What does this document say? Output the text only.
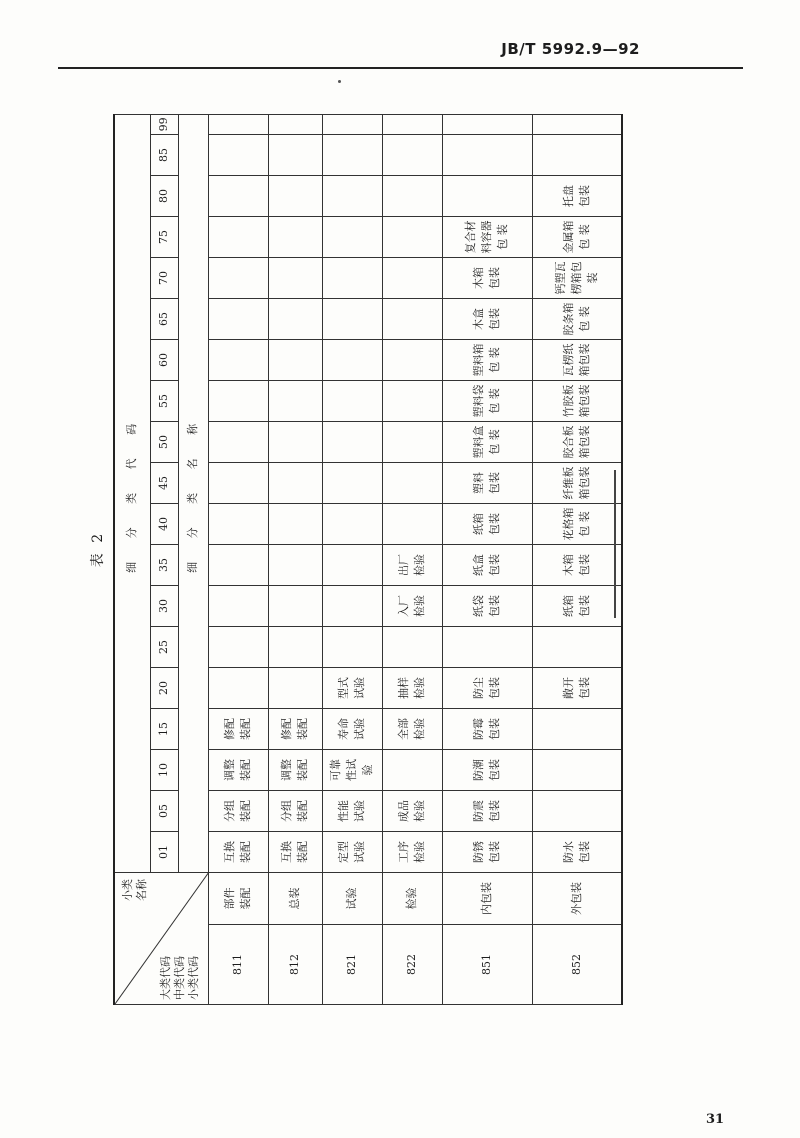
JB/T 5992.9—92
表 2
大类代码
中类代码
小类代码
小类
名称		细 分 类 代 码																		
		01	05	10	15	20	25	30	35	40	45	50	55	60	65	70	75	80	85	99
		细 分 类 名 称																		
811	部件 装配	互换 装配	分组 装配	调整 装配	修配 装配															
812	总装	互换 装配	分组 装配	调整 装配	修配 装配															
821	试验	定型 试验	性能 试验	可靠 性试 验	寿命 试验	型式 试验														
822	检验	工序 检验	成品 检验		全部 检验	抽样 检验		入厂 检验	出厂 检验											
851	内包装	防锈 包装	防震 包装	防潮 包装	防霉 包装	防尘 包装		纸袋 包装	纸盒 包装	纸箱 包装	塑料 包装	塑料盒 包 装	塑料袋 包 装	塑料箱 包 装	木盒 包装	木箱 包装	复合材 料容器 包 装			
852	外包装	防水 包装				敞开 包装		纸箱 包装	木箱 包装	花格箱 包 装	纤维板 箱包装	胶合板 箱包装	竹胶板 箱包装	瓦楞纸 箱包装	胶条箱 包 装	钙塑瓦 楞箱包 装	金属箱 包 装	托盘 包装		
31
